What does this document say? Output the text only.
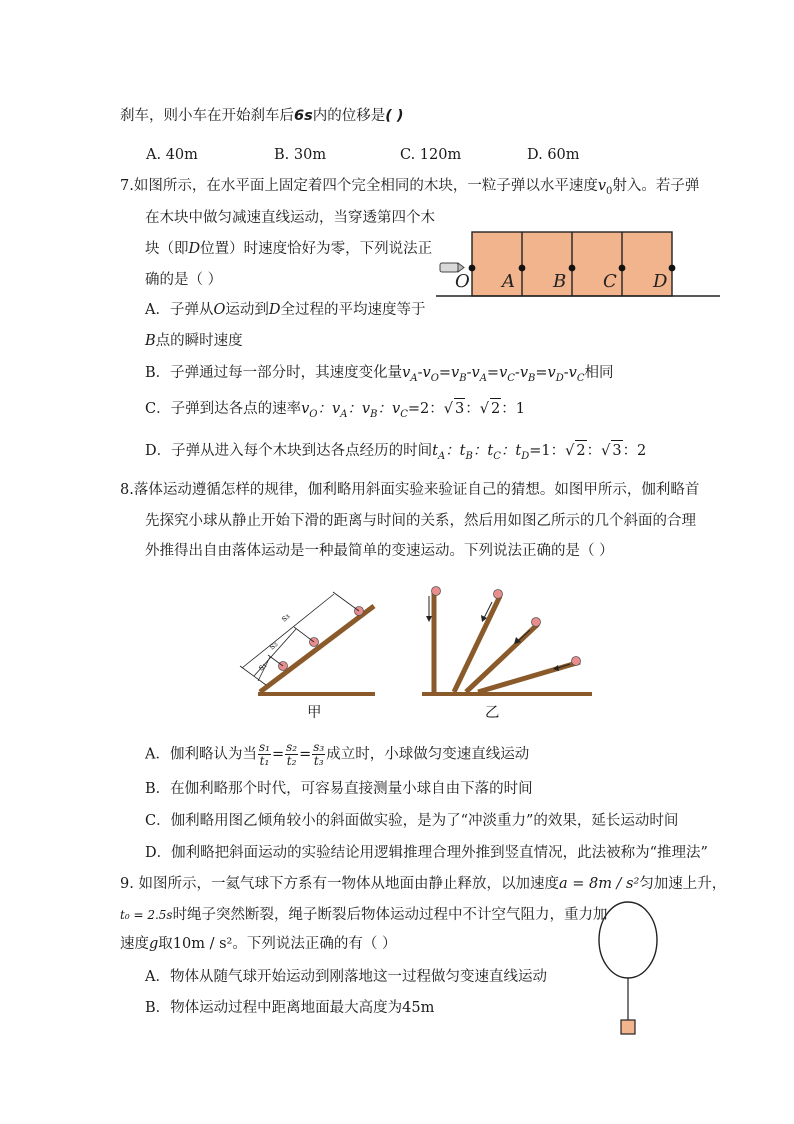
刹车，则小车在开始刹车后6s内的位移是( )
A. 40m	B. 30m	C. 120m	D. 60m
7.如图所示，在水平面上固定着四个完全相同的木块，一粒子弹以水平速度$v_0$射入。若子弹
在木块中做匀减速直线运动，当穿透第四个木
块（即D位置）时速度恰好为零，下列说法正
确的是（ ）	O A B C D
A．子弹从O运动到D全过程的平均速度等于
B点的瞬时速度
B．子弹通过每一部分时，其速度变化量$v_A-v_O=v_B-v_A=v_C-v_B=v_D-v_C$相同
C．子弹到达各点的速率$v_O$：$v_A$：$v_B$：$v_C=2$：√ 3：√ 2：1
D．子弹从进入每个木块到达各点经历的时间$t_A$：$t_B$：$t_C$：$t_D=1$：√ 2：√ 3：2
8.落体运动遵循怎样的规律，伽利略用斜面实验来验证自己的猜想。如图甲所示，伽利略首
先探究小球从静止开始下滑的距离与时间的关系，然后用如图乙所示的几个斜面的合理
外推得出自由落体运动是一种最简单的变速运动。下列说法正确的是（ ）
s₃
s₂
s₁
甲	乙
A．伽利略认为当 $\frac{\text{s₁}}{\text{t₁}} = \frac{\text{s₂}}{\text{t₂}} = \frac{\text{s₃}}{\text{t₃}}$ 成立时，小球做匀变速直线运动
B．在伽利略那个时代，可容易直接测量小球自由下落的时间
C．伽利略用图乙倾角较小的斜面做实验，是为了“冲淡重力”的效果，延长运动时间
D．伽利略把斜面运动的实验结论用逻辑推理合理外推到竖直情况，此法被称为“推理法”
9. 如图所示，一氦气球下方系有一物体从地面由静止释放，以加速度a = 8m / s²匀加速上升，
t₀ = 2.5s时绳子突然断裂，绳子断裂后物体运动过程中不计空气阻力，重力加
速度g取10m / s²。下列说法正确的有（ ）
A．物体从随气球开始运动到刚落地这一过程做匀变速直线运动
B．物体运动过程中距离地面最大高度为45m
